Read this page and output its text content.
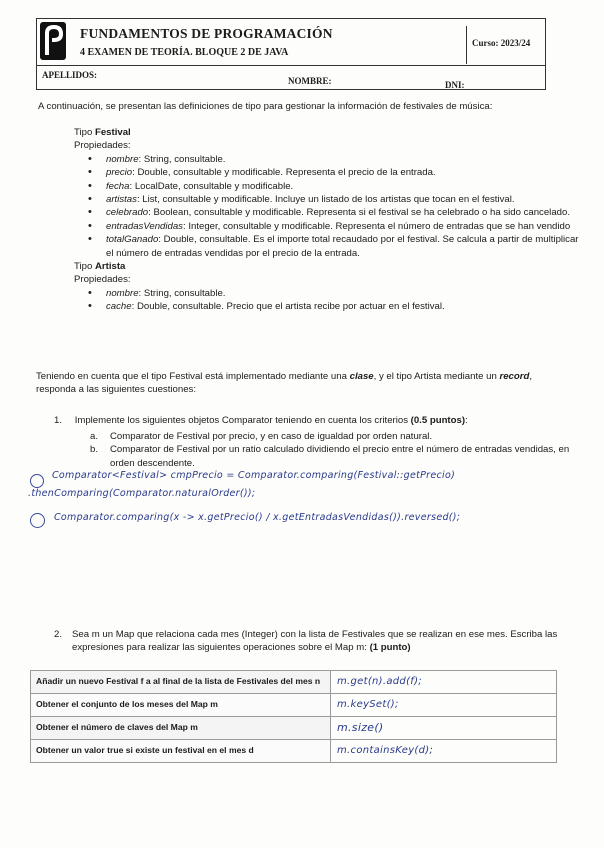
FUNDAMENTOS DE PROGRAMACIÓN
4 EXAMEN DE TEORÍA. BLOQUE 2 DE JAVA
Curso: 2023/24
APELLIDOS:
NOMBRE:	DNI:
A continuación, se presentan las definiciones de tipo para gestionar la información de festivales de música:
Tipo Festival
Propiedades:
• nombre: String, consultable.
• precio: Double, consultable y modificable. Representa el precio de la entrada.
• fecha: LocalDate, consultable y modificable.
• artistas: List, consultable y modificable. Incluye un listado de los artistas que tocan en el festival.
• celebrado: Boolean, consultable y modificable. Representa si el festival se ha celebrado o ha sido cancelado.
• entradasVendidas: Integer, consultable y modificable. Representa el número de entradas que se han vendido
• totalGanado: Double, consultable. Es el importe total recaudado por el festival. Se calcula a partir de multiplicar el número de entradas vendidas por el precio de la entrada.
Tipo Artista
Propiedades:
• nombre: String, consultable.
• cache: Double, consultable. Precio que el artista recibe por actuar en el festival.
Teniendo en cuenta que el tipo Festival está implementado mediante una clase, y el tipo Artista mediante un record, responda a las siguientes cuestiones:
1. Implemente los siguientes objetos Comparator teniendo en cuenta los criterios (0.5 puntos):
a. Comparator de Festival por precio, y en caso de igualdad por orden natural.
b. Comparator de Festival por un ratio calculado dividiendo el precio entre el número de entradas vendidas, en orden descendente.
Comparator<Festival> cmpPrecio = Comparator.comparing(Festival::getPrecio)
.thenComparing(Comparator.naturalOrder());
Comparator.comparing(x -> x.getPrecio() / x.getEntradasVendidas()).reversed();
2. Sea m un Map que relaciona cada mes (Integer) con la lista de Festivales que se realizan en ese mes. Escriba las expresiones para realizar las siguientes operaciones sobre el Map m: (1 punto)
Añadir un nuevo Festival f a al final de la lista de Festivales del mes n	m.get(n).add(f);
Obtener el conjunto de los meses del Map m	m.keySet();
Obtener el número de claves del Map m	m.size()
Obtener un valor true si existe un festival en el mes d	m.containsKey(d);
